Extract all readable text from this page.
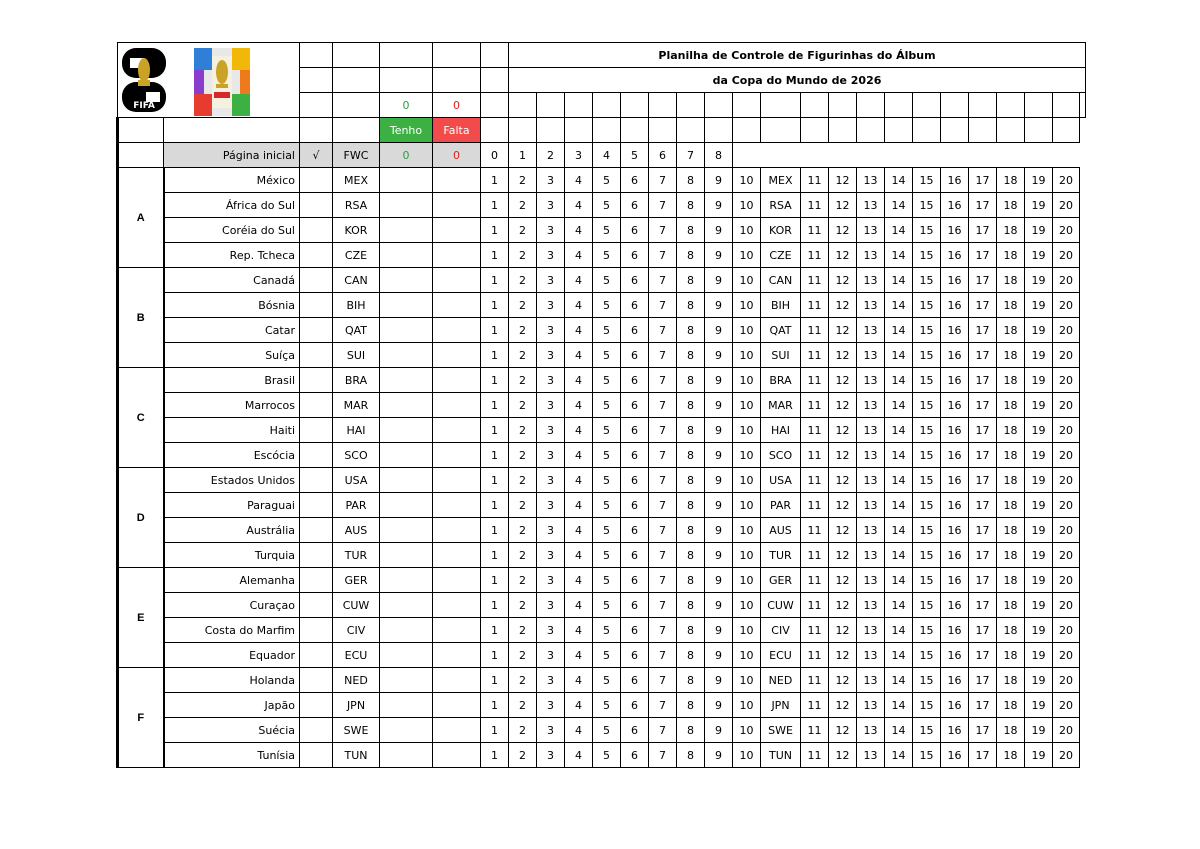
							Planilha de Controle de Figurinhas do Álbum																				
							da Copa do Mundo de 2026																				
				0	0																						
				Tenho	Falta																						
	Página inicial	√	FWC	0	0	0	1	2	3	4	5	6	7	8													
A	México		MEX			1	2	3	4	5	6	7	8	9	10	MEX	11	12	13	14	15	16	17	18	19	20	
	África do Sul		RSA			1	2	3	4	5	6	7	8	9	10	RSA	11	12	13	14	15	16	17	18	19	20	
	Coréia do Sul		KOR			1	2	3	4	5	6	7	8	9	10	KOR	11	12	13	14	15	16	17	18	19	20	
	Rep. Tcheca		CZE			1	2	3	4	5	6	7	8	9	10	CZE	11	12	13	14	15	16	17	18	19	20	
B	Canadá		CAN			1	2	3	4	5	6	7	8	9	10	CAN	11	12	13	14	15	16	17	18	19	20	
	Bósnia		BIH			1	2	3	4	5	6	7	8	9	10	BIH	11	12	13	14	15	16	17	18	19	20	
	Catar		QAT			1	2	3	4	5	6	7	8	9	10	QAT	11	12	13	14	15	16	17	18	19	20	
	Suíça		SUI			1	2	3	4	5	6	7	8	9	10	SUI	11	12	13	14	15	16	17	18	19	20	
C	Brasil		BRA			1	2	3	4	5	6	7	8	9	10	BRA	11	12	13	14	15	16	17	18	19	20	
	Marrocos		MAR			1	2	3	4	5	6	7	8	9	10	MAR	11	12	13	14	15	16	17	18	19	20	
	Haiti		HAI			1	2	3	4	5	6	7	8	9	10	HAI	11	12	13	14	15	16	17	18	19	20	
	Escócia		SCO			1	2	3	4	5	6	7	8	9	10	SCO	11	12	13	14	15	16	17	18	19	20	
D	Estados Unidos		USA			1	2	3	4	5	6	7	8	9	10	USA	11	12	13	14	15	16	17	18	19	20	
	Paraguai		PAR			1	2	3	4	5	6	7	8	9	10	PAR	11	12	13	14	15	16	17	18	19	20	
	Austrália		AUS			1	2	3	4	5	6	7	8	9	10	AUS	11	12	13	14	15	16	17	18	19	20	
	Turquia		TUR			1	2	3	4	5	6	7	8	9	10	TUR	11	12	13	14	15	16	17	18	19	20	
E	Alemanha		GER			1	2	3	4	5	6	7	8	9	10	GER	11	12	13	14	15	16	17	18	19	20	
	Curaçao		CUW			1	2	3	4	5	6	7	8	9	10	CUW	11	12	13	14	15	16	17	18	19	20	
	Costa do Marfim		CIV			1	2	3	4	5	6	7	8	9	10	CIV	11	12	13	14	15	16	17	18	19	20	
	Equador		ECU			1	2	3	4	5	6	7	8	9	10	ECU	11	12	13	14	15	16	17	18	19	20	
F	Holanda		NED			1	2	3	4	5	6	7	8	9	10	NED	11	12	13	14	15	16	17	18	19	20	
	Japão		JPN			1	2	3	4	5	6	7	8	9	10	JPN	11	12	13	14	15	16	17	18	19	20	
	Suécia		SWE			1	2	3	4	5	6	7	8	9	10	SWE	11	12	13	14	15	16	17	18	19	20	
	Tunísia		TUN			1	2	3	4	5	6	7	8	9	10	TUN	11	12	13	14	15	16	17	18	19	20	
FIFA
